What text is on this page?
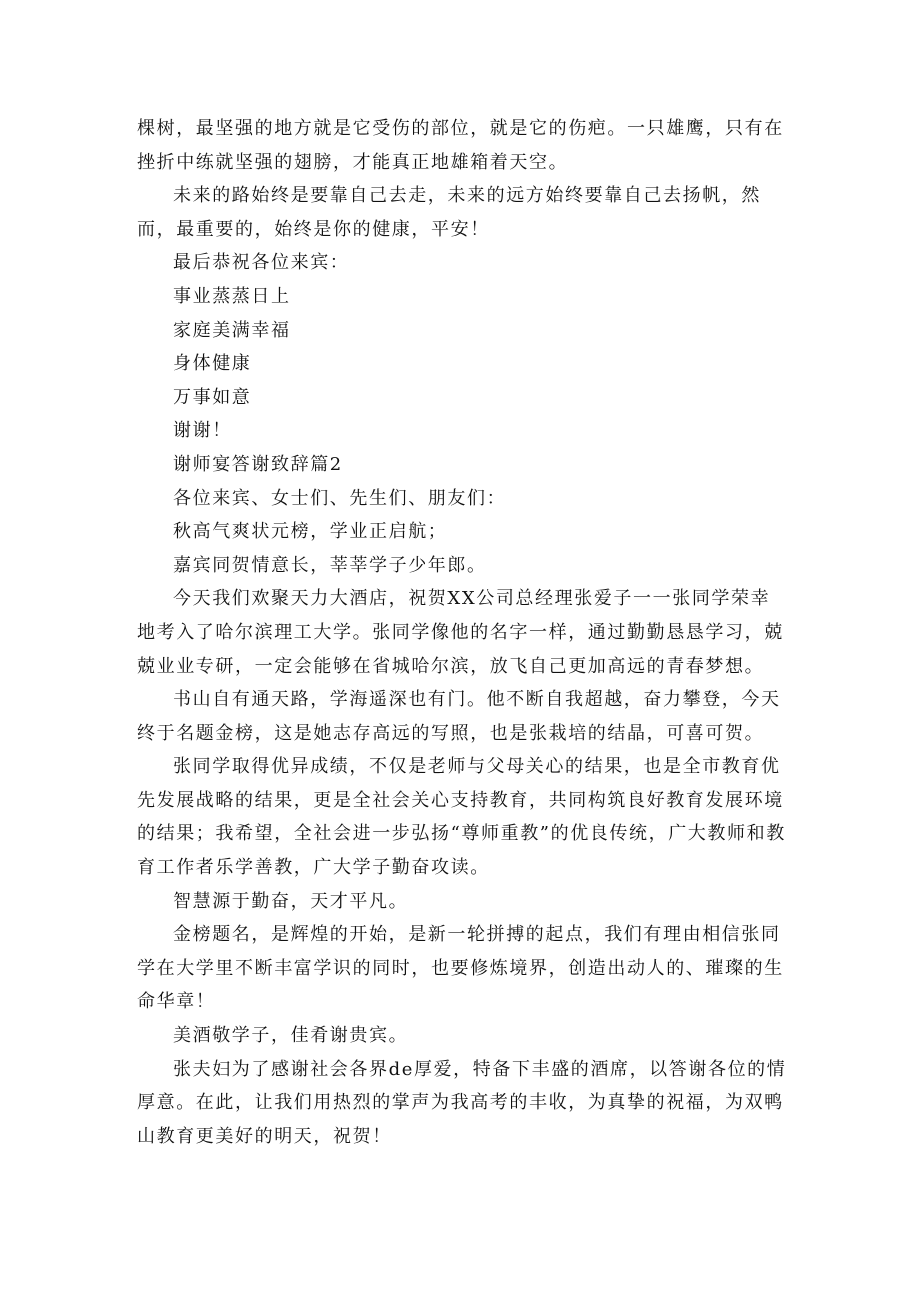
棵树，最坚强的地方就是它受伤的部位，就是它的伤疤。一只雄鹰，只有在挫折中练就坚强的翅膀，才能真正地雄箱着天空。

未来的路始终是要靠自己去走，未来的远方始终要靠自己去扬帆，然而，最重要的，始终是你的健康，平安！

最后恭祝各位来宾：

事业蒸蒸日上

家庭美满幸福

身体健康

万事如意

谢谢！

谢师宴答谢致辞篇2

各位来宾、女士们、先生们、朋友们：

秋高气爽状元榜，学业正启航；

嘉宾同贺情意长，莘莘学子少年郎。

今天我们欢聚天力大酒店，祝贺XX公司总经理张爱子一一张同学荣幸地考入了哈尔滨理工大学。张同学像他的名字一样，通过勤勤恳恳学习，兢兢业业专研，一定会能够在省城哈尔滨，放飞自己更加高远的青春梦想。

书山自有通天路，学海遥深也有门。他不断自我超越，奋力攀登，今天终于名题金榜，这是她志存高远的写照，也是张栽培的结晶，可喜可贺。

张同学取得优异成绩，不仅是老师与父母关心的结果，也是全市教育优先发展战略的结果，更是全社会关心支持教育，共同构筑良好教育发展环境的结果；我希望，全社会进一步弘扬“尊师重教”的优良传统，广大教师和教育工作者乐学善教，广大学子勤奋攻读。

智慧源于勤奋，天才平凡。

金榜题名，是辉煌的开始，是新一轮拼搏的起点，我们有理由相信张同学在大学里不断丰富学识的同时，也要修炼境界，创造出动人的、璀璨的生命华章！

美酒敬学子，佳肴谢贵宾。

张夫妇为了感谢社会各界de厚爱，特备下丰盛的酒席，以答谢各位的情厚意。在此，让我们用热烈的掌声为我高考的丰收，为真挚的祝福，为双鸭山教育更美好的明天，祝贺！
